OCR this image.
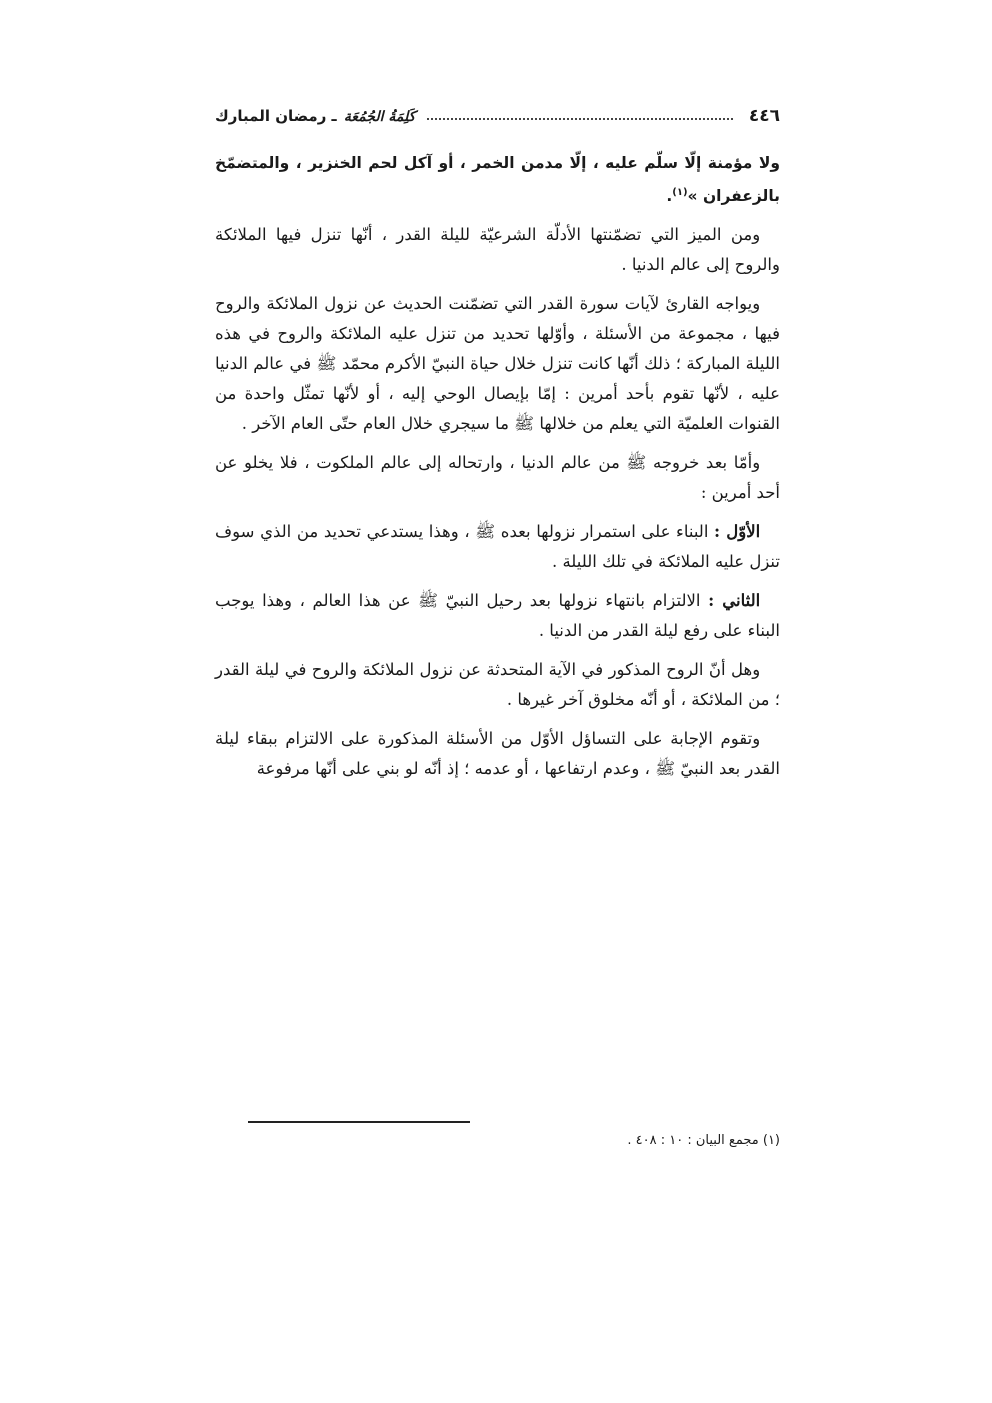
٤٤٦
كَلِمَةُ الجُمُعَة ـ رمضان المبارك

ولا مؤمنة إلّا سلّم عليه ، إلّا مدمن الخمر ، أو آكل لحم الخنزير ، والمتضمّخ بالزعفران »$^{(١)}$.

ومن الميز التي تضمّنتها الأدلّة الشرعيّة لليلة القدر ، أنّها تنزل فيها الملائكة والروح إلى عالم الدنيا .

ويواجه القارئ لآيات سورة القدر التي تضمّنت الحديث عن نزول الملائكة والروح فيها ، مجموعة من الأسئلة ، وأوّلها تحديد من تنزل عليه الملائكة والروح في هذه الليلة المباركة ؛ ذلك أنّها كانت تنزل خلال حياة النبيّ الأكرم محمّد ﷺ في عالم الدنيا عليه ، لأنّها تقوم بأحد أمرين : إمّا بإيصال الوحي إليه ، أو لأنّها تمثّل واحدة من القنوات العلميّة التي يعلم من خلالها ﷺ ما سيجري خلال العام حتّى العام الآخر .

وأمّا بعد خروجه ﷺ من عالم الدنيا ، وارتحاله إلى عالم الملكوت ، فلا يخلو عن أحد أمرين :

الأوّل : البناء على استمرار نزولها بعده ﷺ ، وهذا يستدعي تحديد من الذي سوف تنزل عليه الملائكة في تلك الليلة .

الثاني : الالتزام بانتهاء نزولها بعد رحيل النبيّ ﷺ عن هذا العالم ، وهذا يوجب البناء على رفع ليلة القدر من الدنيا .

وهل أنّ الروح المذكور في الآية المتحدثة عن نزول الملائكة والروح في ليلة القدر ؛ من الملائكة ، أو أنّه مخلوق آخر غيرها .

وتقوم الإجابة على التساؤل الأوّل من الأسئلة المذكورة على الالتزام ببقاء ليلة القدر بعد النبيّ ﷺ ، وعدم ارتفاعها ، أو عدمه ؛ إذ أنّه لو بني على أنّها مرفوعة

(١) مجمع البيان : ١٠ : ٤٠٨ .
